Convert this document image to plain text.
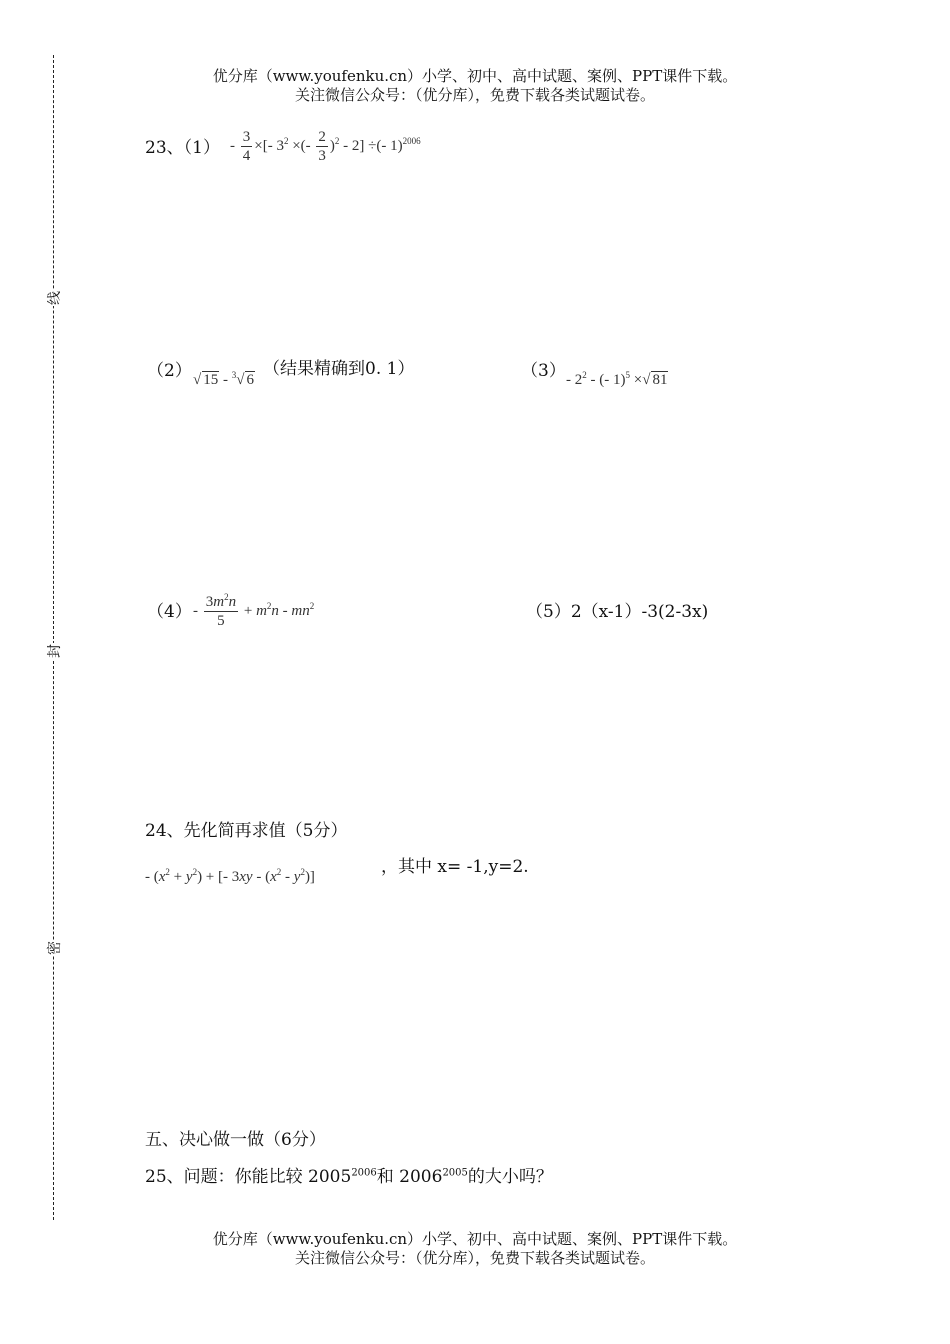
线
封
密
优分库（www.youfenku.cn）小学、初中、高中试题、案例、PPT课件下载。
关注微信公众号：（优分库），免费下载各类试题试卷。
23、$(1) - \frac{3}{4}$ ×[- $3^2$ ×(- $\frac{2}{3} )^2 - 2$] ÷(- 1)$^{2006}$
（2） √ 15 - $^3$√ 6
（结果精确到0. 1）	$(3) - 2^2$ - (- 1)$^5$ ×√ 81
$(4) - \frac{3m^2n}{5} + m^2n - mn^2$	（5）2（x-1）-3(2-3x)
24、先化简再求值（5分）
- $(x^2 + y^2)$ + [- $3xy - (x^2 - y^2)$]	，其中 x= -1,y=2.
五、决心做一做（6分）
25、问题：你能比较 $2005^{2006}$和 $2006^{2005}$的大小吗？
优分库（www.youfenku.cn）小学、初中、高中试题、案例、PPT课件下载。
关注微信公众号：（优分库），免费下载各类试题试卷。
